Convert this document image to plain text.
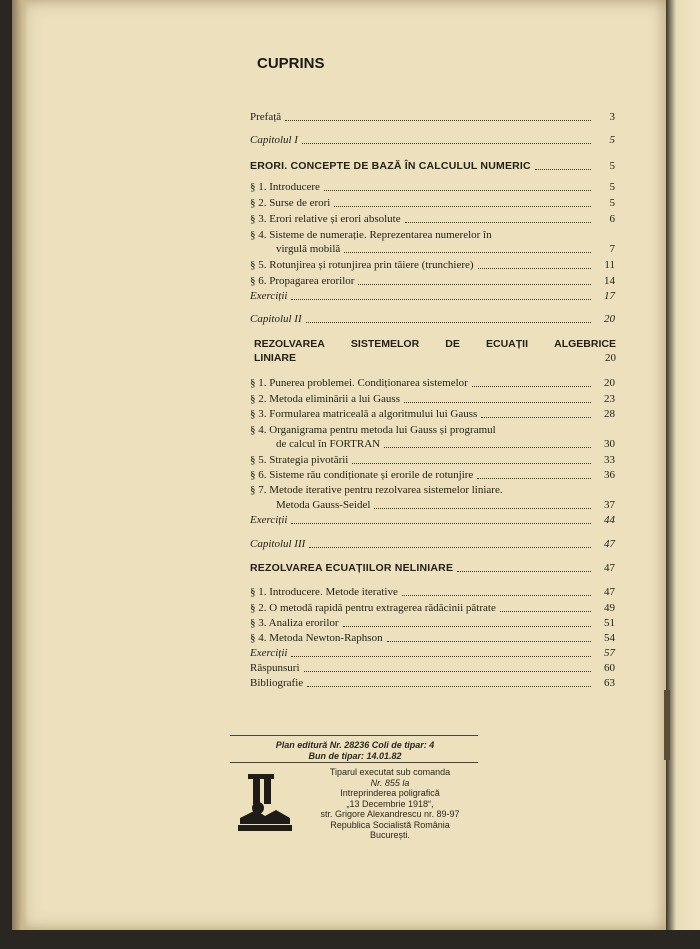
CUPRINS
Prefață	3
Capitolul I	5
ERORI. CONCEPTE DE BAZĂ ÎN CALCULUL NUMERIC	5
§ 1. Introducere	5
§ 2. Surse de erori	5
§ 3. Erori relative și erori absolute	6
§ 4. Sisteme de numerație. Reprezentarea numerelor în
virgulă mobilă	7
§ 5. Rotunjirea și rotunjirea prin tăiere (trunchiere)	11
§ 6. Propagarea erorilor	14
Exerciții	17
Capitolul II	20
REZOLVAREA SISTEMELOR DE ECUAȚII ALGEBRICE
LINIARE	20
§ 1. Punerea problemei. Condiționarea sistemelor	20
§ 2. Metoda eliminării a lui Gauss	23
§ 3. Formularea matriceală a algoritmului lui Gauss	28
§ 4. Organigrama pentru metoda lui Gauss și programul
de calcul în FORTRAN	30
§ 5. Strategia pivotării	33
§ 6. Sisteme rău condiționate și erorile de rotunjire	36
§ 7. Metode iterative pentru rezolvarea sistemelor liniare.
Metoda Gauss-Seidel	37
Exerciții	44
Capitolul III	47
REZOLVAREA ECUAȚIILOR NELINIARE	47
§ 1. Introducere. Metode iterative	47
§ 2. O metodă rapidă pentru extragerea rădăcinii pătrate	49
§ 3. Analiza erorilor	51
§ 4. Metoda Newton-Raphson	54
Exerciții	57
Răspunsuri	60
Bibliografie	63
Plan editură Nr. 28236 Coli de tipar: 4
Bun de tipar: 14.01.82
Tiparul executat sub comanda
Nr. 855 la
Intreprinderea poligrafică
„13 Decembrie 1918“,
str. Grigore Alexandrescu nr. 89-97
Republica Socialistă România
București.
